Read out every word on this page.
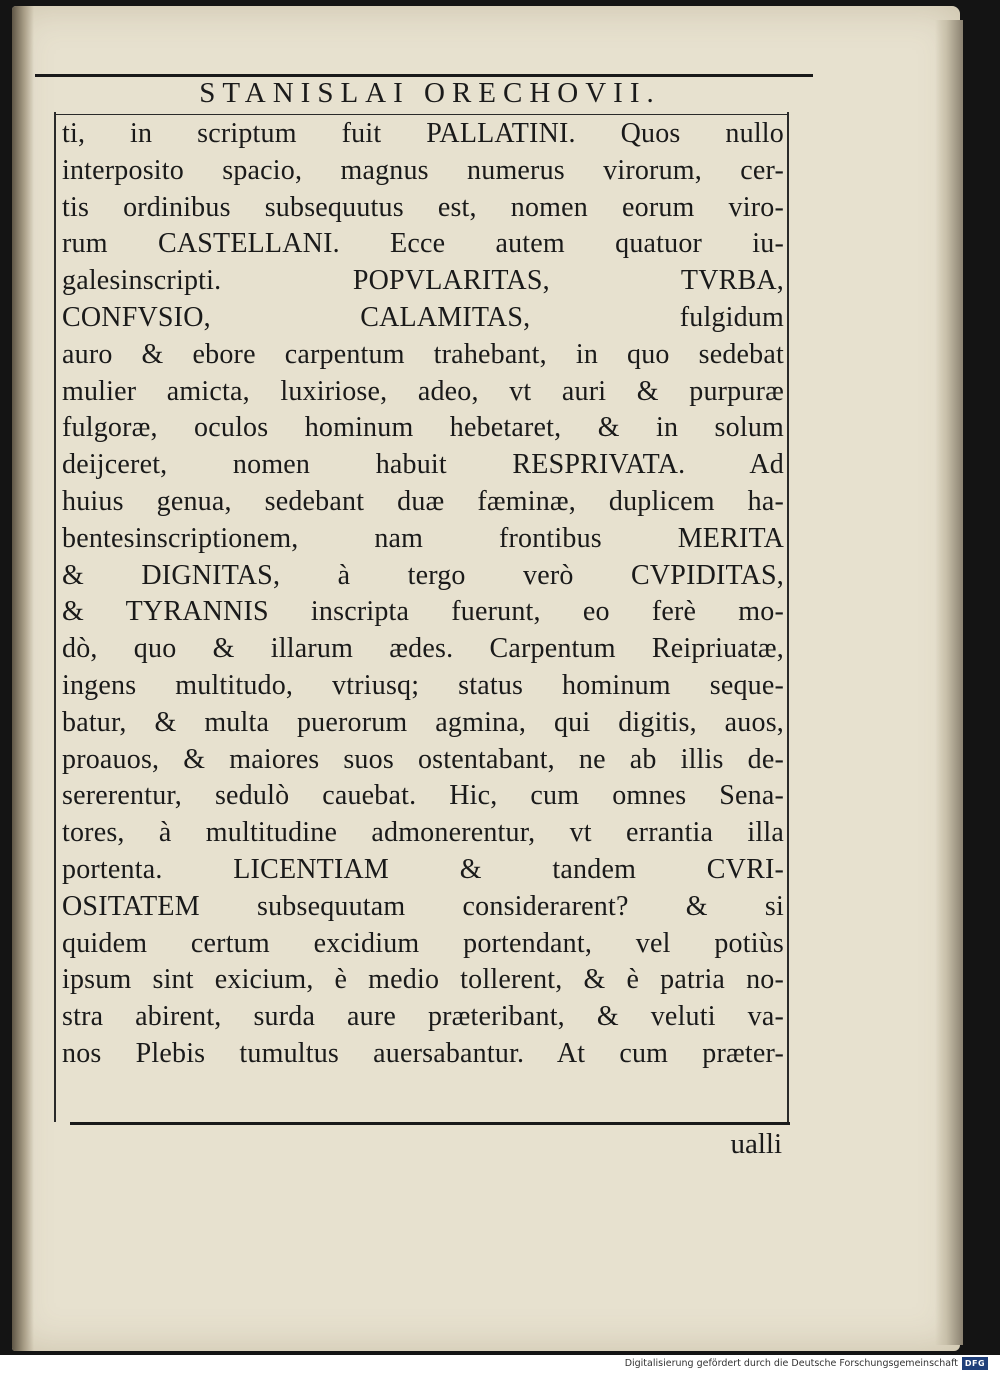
STANISLAI ORECHOVII.
ti, in scriptum fuit PALLATINI. Quos nullo
interposito spacio, magnus numerus virorum, cer-
tis ordinibus subsequutus est, nomen eorum viro-
rum CASTELLANI. Ecce autem quatuor iu-
galesinscripti. POPVLARITAS, TVRBA,
CONFVSIO, CALAMITAS, fulgidum
auro & ebore carpentum trahebant, in quo sedebat
mulier amicta, luxiriose, adeo, vt auri & purpuræ
fulgoræ, oculos hominum hebetaret, & in solum
deijceret, nomen habuit RESPRIVATA. Ad
huius genua, sedebant duæ fæminæ, duplicem ha-
bentesinscriptionem, nam frontibus MERITA
& DIGNITAS, à tergo verò CVPIDITAS,
& TYRANNIS inscripta fuerunt, eo ferè mo-
dò, quo & illarum ædes. Carpentum Reipriuatæ,
ingens multitudo, vtriusq; status hominum seque-
batur, & multa puerorum agmina, qui digitis, auos,
proauos, & maiores suos ostentabant, ne ab illis de-
sererentur, sedulò cauebat. Hic, cum omnes Sena-
tores, à multitudine admonerentur, vt errantia illa
portenta. LICENTIAM & tandem CVRI-
OSITATEM subsequutam considerarent? & si
quidem certum excidium portendant, vel potiùs
ipsum sint exicium, è medio tollerent, & è patria no-
stra abirent, surda aure præteribant, & veluti va-
nos Plebis tumultus auersabantur. At cum præter-
ualli
Digitalisierung gefördert durch die Deutsche Forschungsgemeinschaft DFG
